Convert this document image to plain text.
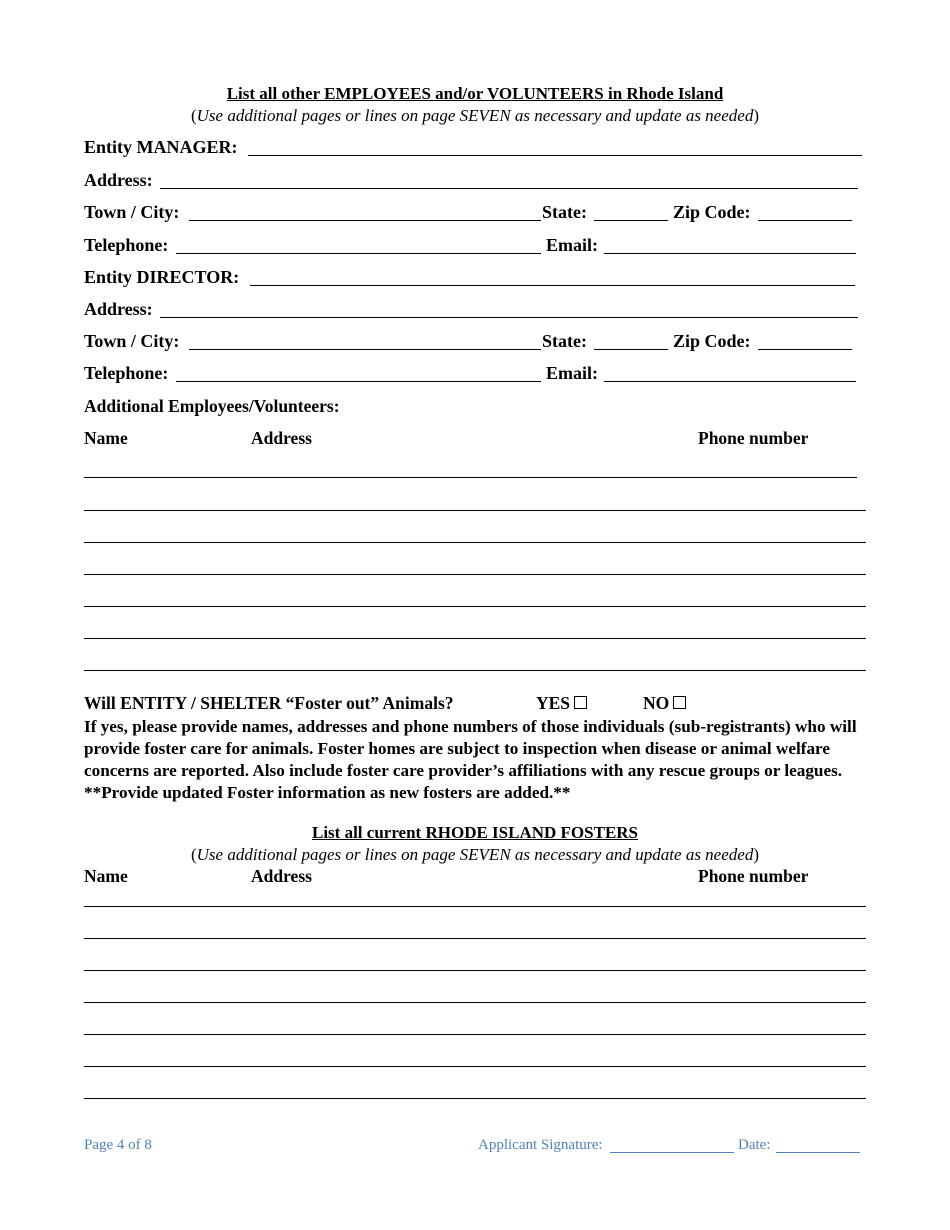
List all other EMPLOYEES and/or VOLUNTEERS in Rhode Island
(Use additional pages or lines on page SEVEN as necessary and update as needed)
Entity MANAGER:
Address:
Town / City:	State:	Zip Code:
Telephone:	Email:
Entity DIRECTOR:
Address:
Town / City:	State:	Zip Code:
Telephone:	Email:
Additional Employees/Volunteers:
Name	Address	Phone number
Will ENTITY / SHELTER “Foster out” Animals?	YES	NO
If yes, please provide names, addresses and phone numbers of those individuals (sub-registrants) who will provide foster care for animals. Foster homes are subject to inspection when disease or animal welfare concerns are reported. Also include foster care provider’s affiliations with any rescue groups or leagues. **Provide updated Foster information as new fosters are added.**
List all current RHODE ISLAND FOSTERS
(Use additional pages or lines on page SEVEN as necessary and update as needed)
Name	Address	Phone number
Page 4 of 8	Applicant Signature:	Date:
